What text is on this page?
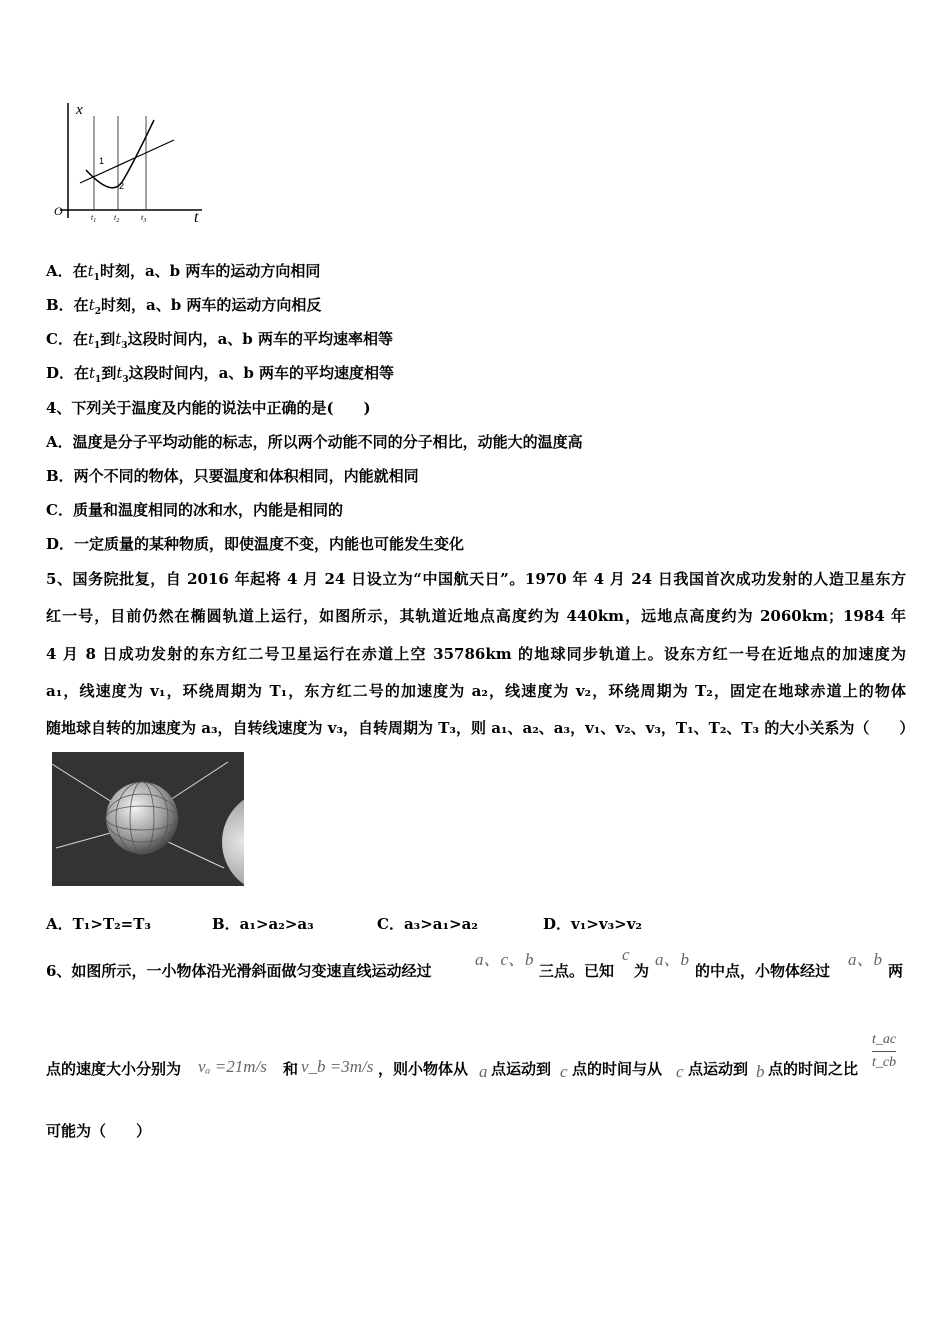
x
t
O
1
2
$t_1$ $t_2$	$t_3$
A．在$t_1$时刻，a、b 两车的运动方向相同
B．在$t_2$时刻，a、b 两车的运动方向相反
C．在$t_1$到$t_3$这段时间内，a、b 两车的平均速率相等
D．在$t_1$到$t_3$这段时间内，a、b 两车的平均速度相等
4、下列关于温度及内能的说法中正确的是(　　)
A．温度是分子平均动能的标志，所以两个动能不同的分子相比，动能大的温度高
B．两个不同的物体，只要温度和体积相同，内能就相同
C．质量和温度相同的冰和水，内能是相同的
D．一定质量的某种物质，即使温度不变，内能也可能发生变化
5、国务院批复，自 2016 年起将 4 月 24 日设立为“中国航天日”。1970 年 4 月 24 日我国首次成功发射的人造卫星东方
红一号，目前仍然在椭圆轨道上运行，如图所示，其轨道近地点高度约为 440km，远地点高度约为 2060km；1984 年
4 月 8 日成功发射的东方红二号卫星运行在赤道上空 35786km 的地球同步轨道上。设东方红一号在近地点的加速度为
a₁，线速度为 v₁，环绕周期为 T₁，东方红二号的加速度为 a₂，线速度为 v₂，环绕周期为 T₂，固定在地球赤道上的物体
随地球自转的加速度为 a₃，自转线速度为 v₃，自转周期为 T₃，则 a₁、a₂、a₃，v₁、v₂、v₃，T₁、T₂、T₃ 的大小关系为（　　）
A．T₁>T₂=T₃	B．a₁>a₂>a₃	C．a₃>a₁>a₂	D．v₁>v₃>v₂
6、如图所示，一小物体沿光滑斜面做匀变速直线运动经过
a、c、b
三点。已知
c
为
a、b
的中点，小物体经过
a、b
两
点的速度大小分别为 vₐ =21m/s 和 v_b =3m/s ，则小物体从 a 点运动到 c 点的时间与从 c 点运动到 b 点的时间之比
t_ac
t_cb
可能为（　　）
